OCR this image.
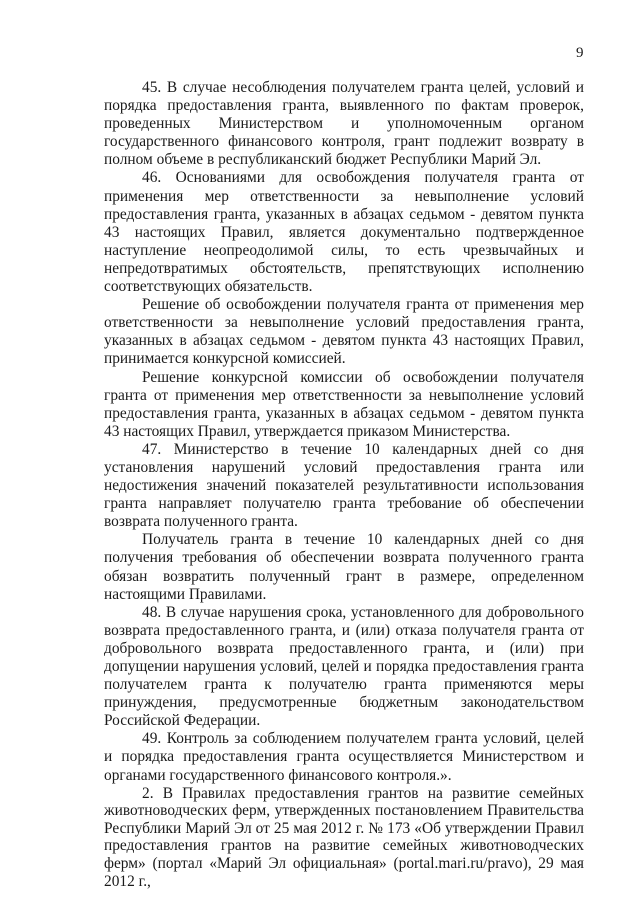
9

45. В случае несоблюдения получателем гранта целей, условий и порядка предоставления гранта, выявленного по фактам проверок, проведенных Министерством и уполномоченным органом государственного финансового контроля, грант подлежит возврату в полном объеме в республиканский бюджет Республики Марий Эл.

46. Основаниями для освобождения получателя гранта от применения мер ответственности за невыполнение условий предоставления гранта, указанных в абзацах седьмом - девятом пункта 43 настоящих Правил, является документально подтвержденное наступление неопреодолимой силы, то есть чрезвычайных и непредотвратимых обстоятельств, препятствующих исполнению соответствующих обязательств.

Решение об освобождении получателя гранта от применения мер ответственности за невыполнение условий предоставления гранта, указанных в абзацах седьмом - девятом пункта 43 настоящих Правил, принимается конкурсной комиссией.

Решение конкурсной комиссии об освобождении получателя гранта от применения мер ответственности за невыполнение условий предоставления гранта, указанных в абзацах седьмом - девятом пункта 43 настоящих Правил, утверждается приказом Министерства.

47. Министерство в течение 10 календарных дней со дня установления нарушений условий предоставления гранта или недостижения значений показателей результативности использования гранта направляет получателю гранта требование об обеспечении возврата полученного гранта.

Получатель гранта в течение 10 календарных дней со дня получения требования об обеспечении возврата полученного гранта обязан возвратить полученный грант в размере, определенном настоящими Правилами.

48. В случае нарушения срока, установленного для добровольного возврата предоставленного гранта, и (или) отказа получателя гранта от добровольного возврата предоставленного гранта, и (или) при допущении нарушения условий, целей и порядка предоставления гранта получателем гранта к получателю гранта применяются меры принуждения, предусмотренные бюджетным законодательством Российской Федерации.

49. Контроль за соблюдением получателем гранта условий, целей и порядка предоставления гранта осуществляется Министерством и органами государственного финансового контроля.».

2. В Правилах предоставления грантов на развитие семейных животноводческих ферм, утвержденных постановлением Правительства Республики Марий Эл от 25 мая 2012 г. № 173 «Об утверждении Правил предоставления грантов на развитие семейных животноводческих ферм» (портал «Марий Эл официальная» (portal.mari.ru/pravo), 29 мая 2012 г.,
